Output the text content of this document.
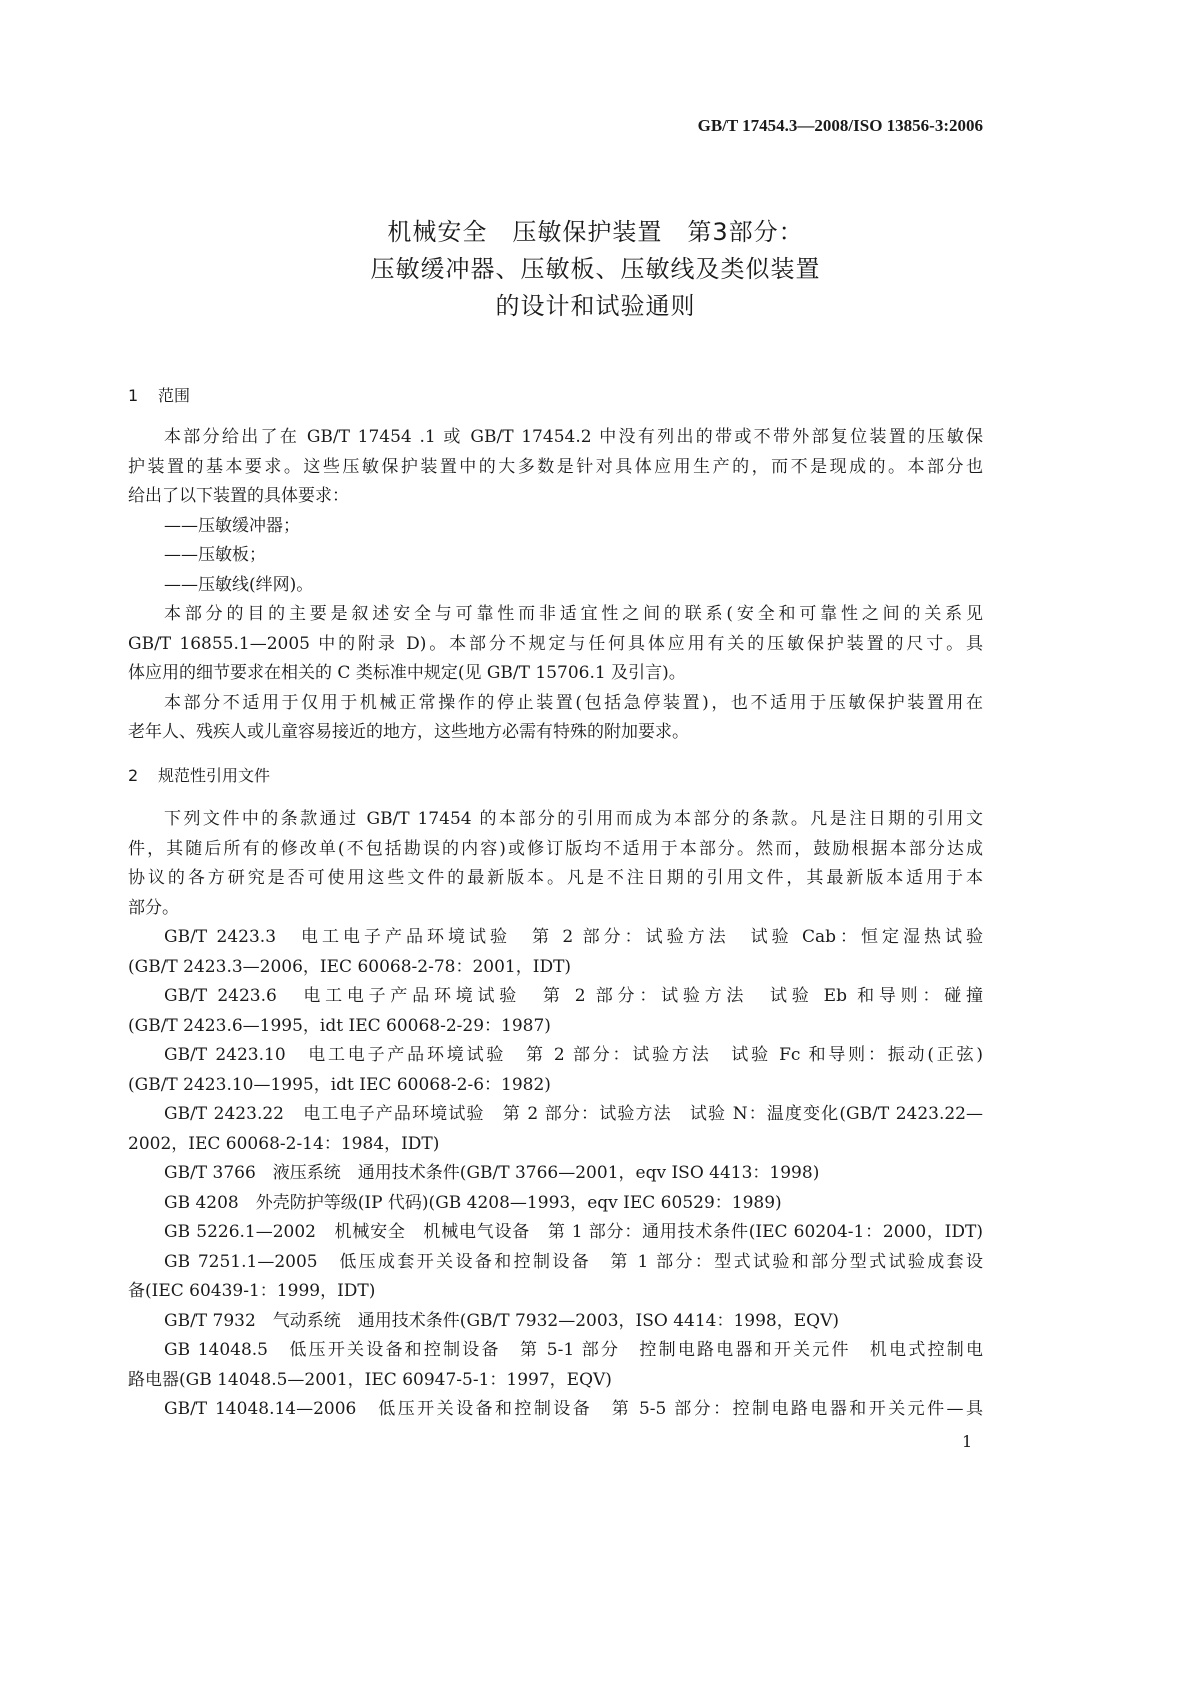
GB/T 17454.3—2008/ISO 13856-3:2006
机械安全　压敏保护装置　第3部分：
压敏缓冲器、压敏板、压敏线及类似装置
的设计和试验通则
1 范围
本部分给出了在 GB/T 17454 .1 或 GB/T 17454.2 中没有列出的带或不带外部复位装置的压敏保
护装置的基本要求。这些压敏保护装置中的大多数是针对具体应用生产的，而不是现成的。本部分也
给出了以下装置的具体要求：
——压敏缓冲器；
——压敏板；
——压敏线(绊网)。
本部分的目的主要是叙述安全与可靠性而非适宜性之间的联系(安全和可靠性之间的关系见
GB/T 16855.1—2005 中的附录 D)。本部分不规定与任何具体应用有关的压敏保护装置的尺寸。具
体应用的细节要求在相关的 C 类标准中规定(见 GB/T 15706.1 及引言)。
本部分不适用于仅用于机械正常操作的停止装置(包括急停装置)，也不适用于压敏保护装置用在
老年人、残疾人或儿童容易接近的地方，这些地方必需有特殊的附加要求。
2 规范性引用文件
下列文件中的条款通过 GB/T 17454 的本部分的引用而成为本部分的条款。凡是注日期的引用文
件，其随后所有的修改单(不包括勘误的内容)或修订版均不适用于本部分。然而，鼓励根据本部分达成
协议的各方研究是否可使用这些文件的最新版本。凡是不注日期的引用文件，其最新版本适用于本
部分。
GB/T 2423.3　电工电子产品环境试验　第 2 部分：试验方法　试验 Cab：恒定湿热试验
(GB/T 2423.3—2006，IEC 60068-2-78：2001，IDT)
GB/T 2423.6　电工电子产品环境试验　第 2 部分：试验方法　试验 Eb 和导则：碰撞
(GB/T 2423.6—1995，idt IEC 60068-2-29：1987)
GB/T 2423.10　电工电子产品环境试验　第 2 部分：试验方法　试验 Fc 和导则：振动(正弦)
(GB/T 2423.10—1995，idt IEC 60068-2-6：1982)
GB/T 2423.22　电工电子产品环境试验　第 2 部分：试验方法　试验 N：温度变化(GB/T 2423.22—
2002，IEC 60068-2-14：1984，IDT)
GB/T 3766　液压系统　通用技术条件(GB/T 3766—2001，eqv ISO 4413：1998)
GB 4208　外壳防护等级(IP 代码)(GB 4208—1993，eqv IEC 60529：1989)
GB 5226.1—2002　机械安全　机械电气设备　第 1 部分：通用技术条件(IEC 60204-1：2000，IDT)
GB 7251.1—2005　低压成套开关设备和控制设备　第 1 部分：型式试验和部分型式试验成套设
备(IEC 60439-1：1999，IDT)
GB/T 7932　气动系统　通用技术条件(GB/T 7932—2003，ISO 4414：1998，EQV)
GB 14048.5　低压开关设备和控制设备　第 5-1 部分　控制电路电器和开关元件　机电式控制电
路电器(GB 14048.5—2001，IEC 60947-5-1：1997，EQV)
GB/T 14048.14—2006　低压开关设备和控制设备　第 5-5 部分：控制电路电器和开关元件—具
1
